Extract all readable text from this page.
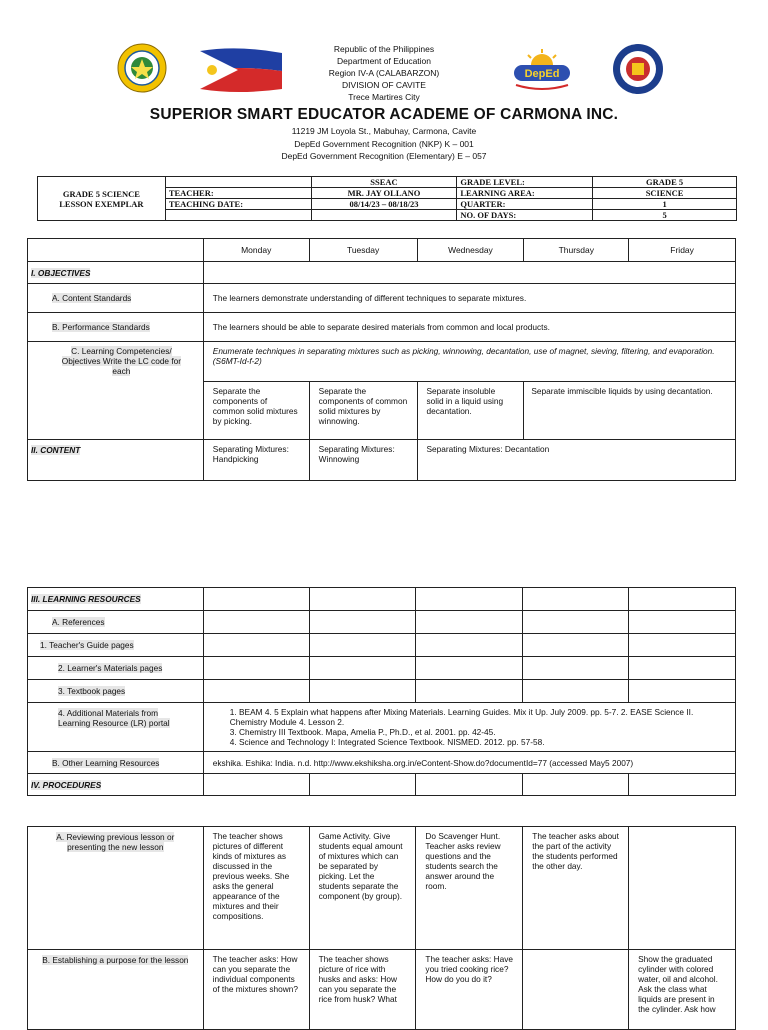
DepEd
Republic of the Philippines
Department of Education
Region IV-A (CALABARZON)
DIVISION OF CAVITE
Trece Martires City
SUPERIOR SMART EDUCATOR ACADEME OF CARMONA INC.
11219 JM Loyola St., Mabuhay, Carmona, Cavite
DepEd Government Recognition (NKP) K – 001
DepEd Government Recognition (Elementary) E – 057
GRADE 5 SCIENCE
LESSON EXEMPLAR		SSEAC	GRADE LEVEL:	GRADE 5
	TEACHER:	MR. JAY OLLANO	LEARNING AREA:	SCIENCE
	TEACHING DATE:	08/14/23 – 08/18/23	QUARTER:	1
			NO. OF DAYS:	5
	Monday	Tuesday	Wednesday	Thursday	Friday
I. OBJECTIVES					
A. Content Standards	The learners demonstrate understanding of different techniques to separate mixtures.				
B. Performance Standards	The learners should be able to separate desired materials from common and local products.				
C. Learning Competencies/ Objectives Write the LC code for each	Enumerate techniques in separating mixtures such as picking, winnowing, decantation, use of magnet, sieving, filtering, and evaporation.
(S6MT-Id-f-2)				
	Separate the components of common solid mixtures by picking.	Separate the components of common solid mixtures by winnowing.	Separate insoluble solid in a liquid using decantation.	Separate immiscible liquids by using decantation.	
II. CONTENT	Separating Mixtures: Handpicking	Separating Mixtures: Winnowing	Separating Mixtures: Decantation		
III. LEARNING RESOURCES					
A. References					
1. Teacher's Guide pages					
2. Learner's Materials pages					
3. Textbook pages					
4. Additional Materials from Learning Resource (LR) portal	1. BEAM 4. 5 Explain what happens after Mixing Materials. Learning Guides. Mix it Up. July 2009. pp. 5-7. 2. EASE Science II. Chemistry Module 4. Lesson 2.
3. Chemistry III Textbook. Mapa, Amelia P., Ph.D., et al. 2001. pp. 42-45.
4. Science and Technology I: Integrated Science Textbook. NISMED. 2012. pp. 57-58.				

B. Other Learning Resources	ekshika. Eshika: India. n.d. http://www.ekshiksha.org.in/eContent-Show.do?documentId=77 (accessed May5 2007)				
IV. PROCEDURES					
A. Reviewing previous lesson or presenting the new lesson	The teacher shows pictures of different kinds of mixtures as discussed in the previous weeks. She asks the general appearance of the mixtures and their compositions.	Game Activity. Give students equal amount of mixtures which can be separated by picking. Let the students separate the component (by group).	Do Scavenger Hunt. Teacher asks review questions and the students search the answer around the room.	The teacher asks about the part of the activity the students performed the other day.	
B. Establishing a purpose for the lesson	The teacher asks: How can you separate the individual components of the mixtures shown?	The teacher shows picture of rice with husks and asks: How can you separate the rice from husk? What	The teacher asks: Have you tried cooking rice? How do you do it?		Show the graduated cylinder with colored water, oil and alcohol. Ask the class what liquids are present in the cylinder. Ask how
